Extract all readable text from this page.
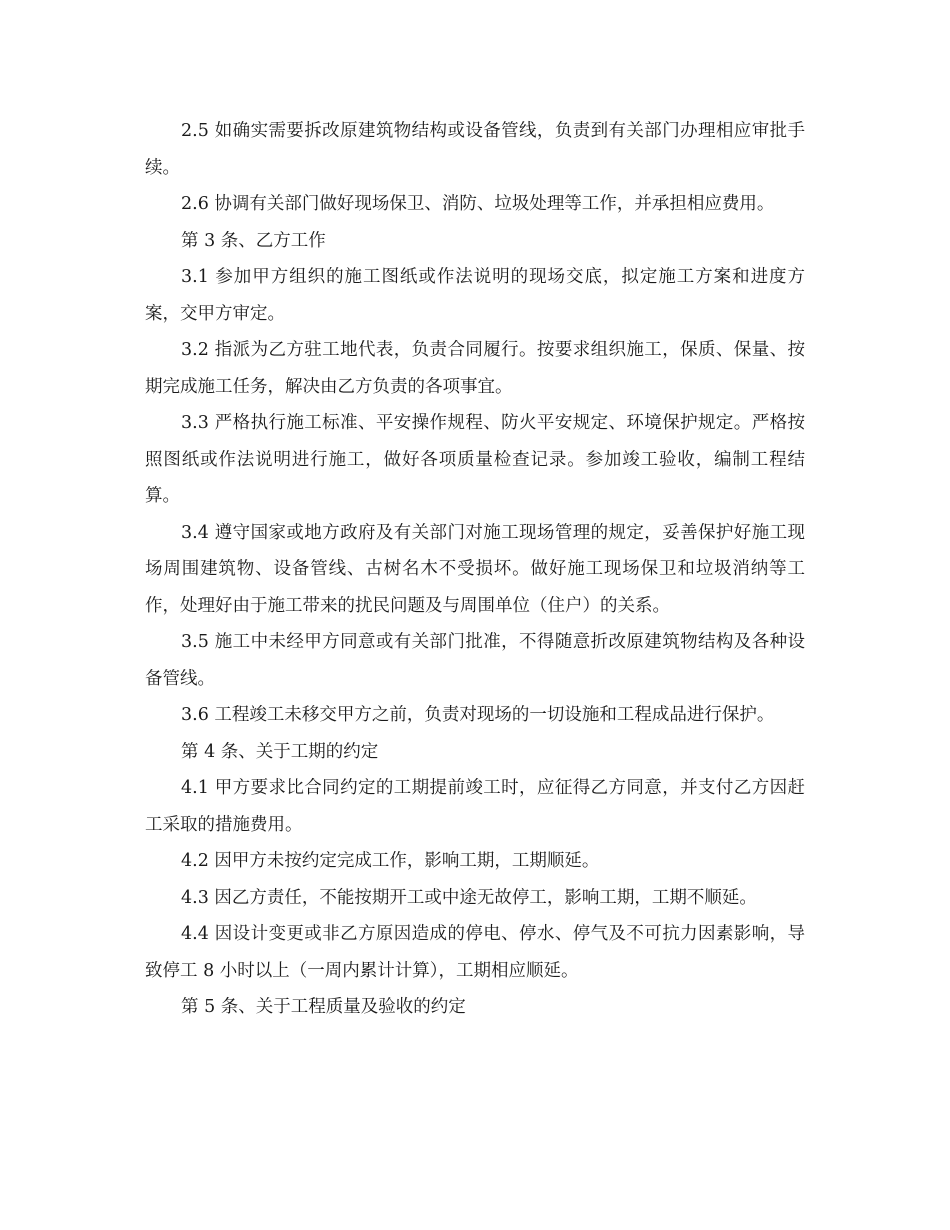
2.5 如确实需要拆改原建筑物结构或设备管线，负责到有关部门办理相应审批手续。

2.6 协调有关部门做好现场保卫、消防、垃圾处理等工作，并承担相应费用。

第 3 条、乙方工作

3.1 参加甲方组织的施工图纸或作法说明的现场交底，拟定施工方案和进度方案，交甲方审定。

3.2 指派为乙方驻工地代表，负责合同履行。按要求组织施工，保质、保量、按期完成施工任务，解决由乙方负责的各项事宜。

3.3 严格执行施工标准、平安操作规程、防火平安规定、环境保护规定。严格按照图纸或作法说明进行施工，做好各项质量检查记录。参加竣工验收，编制工程结算。

3.4 遵守国家或地方政府及有关部门对施工现场管理的规定，妥善保护好施工现场周围建筑物、设备管线、古树名木不受损坏。做好施工现场保卫和垃圾消纳等工作，处理好由于施工带来的扰民问题及与周围单位（住户）的关系。

3.5 施工中未经甲方同意或有关部门批准，不得随意折改原建筑物结构及各种设备管线。

3.6 工程竣工未移交甲方之前，负责对现场的一切设施和工程成品进行保护。

第 4 条、关于工期的约定

4.1 甲方要求比合同约定的工期提前竣工时，应征得乙方同意，并支付乙方因赶工采取的措施费用。

4.2 因甲方未按约定完成工作，影响工期，工期顺延。

4.3 因乙方责任，不能按期开工或中途无故停工，影响工期，工期不顺延。

4.4 因设计变更或非乙方原因造成的停电、停水、停气及不可抗力因素影响，导致停工 8 小时以上（一周内累计计算），工期相应顺延。

第 5 条、关于工程质量及验收的约定
